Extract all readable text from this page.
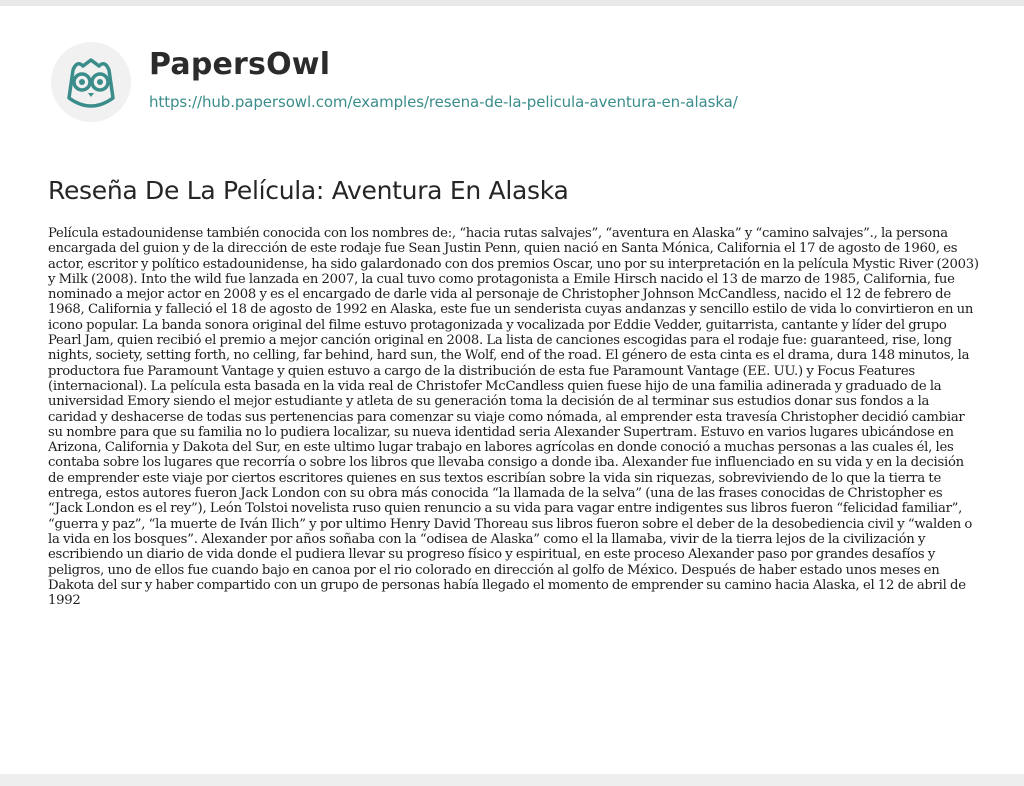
PapersOwl
https://hub.papersowl.com/examples/resena-de-la-pelicula-aventura-en-alaska/
Reseña De La Película: Aventura En Alaska

Película estadounidense también conocida con los nombres de:, “hacia rutas salvajes”, “aventura en Alaska” y “camino salvajes”., la persona encargada del guion y de la dirección de este rodaje fue Sean Justin Penn, quien nació en Santa Mónica, California el 17 de agosto de 1960, es actor, escritor y político estadounidense, ha sido galardonado con dos premios Oscar, uno por su interpretación en la película Mystic River (2003) y Milk (2008). Into the wild fue lanzada en 2007, la cual tuvo como protagonista a Emile Hirsch nacido el 13 de marzo de 1985, California, fue nominado a mejor actor en 2008 y es el encargado de darle vida al personaje de Christopher Johnson McCandless, nacido el 12 de febrero de 1968, California y falleció el 18 de agosto de 1992 en Alaska, este fue un senderista cuyas andanzas y sencillo estilo de vida lo convirtieron en un icono popular. La banda sonora original del filme estuvo protagonizada y vocalizada por Eddie Vedder, guitarrista, cantante y líder del grupo Pearl Jam, quien recibió el premio a mejor canción original en 2008. La lista de canciones escogidas para el rodaje fue: guaranteed, rise, long nights, society, setting forth, no celling, far behind, hard sun, the Wolf, end of the road. El género de esta cinta es el drama, dura 148 minutos, la productora fue Paramount Vantage y quien estuvo a cargo de la distribución de esta fue Paramount Vantage (EE. UU.) y Focus Features (internacional). La película esta basada en la vida real de Christofer McCandless quien fuese hijo de una familia adinerada y graduado de la universidad Emory siendo el mejor estudiante y atleta de su generación toma la decisión de al terminar sus estudios donar sus fondos a la caridad y deshacerse de todas sus pertenencias para comenzar su viaje como nómada, al emprender esta travesía Christopher decidió cambiar su nombre para que su familia no lo pudiera localizar, su nueva identidad seria Alexander Supertram. Estuvo en varios lugares ubicándose en Arizona, California y Dakota del Sur, en este ultimo lugar trabajo en labores agrícolas en donde conoció a muchas personas a las cuales él, les contaba sobre los lugares que recorría o sobre los libros que llevaba consigo a donde iba. Alexander fue influenciado en su vida y en la decisión de emprender este viaje por ciertos escritores quienes en sus textos escribían sobre la vida sin riquezas, sobreviviendo de lo que la tierra te entrega, estos autores fueron Jack London con su obra más conocida “la llamada de la selva” (una de las frases conocidas de Christopher es “Jack London es el rey”), León Tolstoi novelista ruso quien renuncio a su vida para vagar entre indigentes sus libros fueron “felicidad familiar”, “guerra y paz”, “la muerte de Iván Ilich” y por ultimo Henry David Thoreau sus libros fueron sobre el deber de la desobediencia civil y “walden o la vida en los bosques”. Alexander por años soñaba con la “odisea de Alaska” como el la llamaba, vivir de la tierra lejos de la civilización y escribiendo un diario de vida donde el pudiera llevar su progreso físico y espiritual, en este proceso Alexander paso por grandes desafíos y peligros, uno de ellos fue cuando bajo en canoa por el rio colorado en dirección al golfo de México. Después de haber estado unos meses en Dakota del sur y haber compartido con un grupo de personas había llegado el momento de emprender su camino hacia Alaska, el 12 de abril de 1992
